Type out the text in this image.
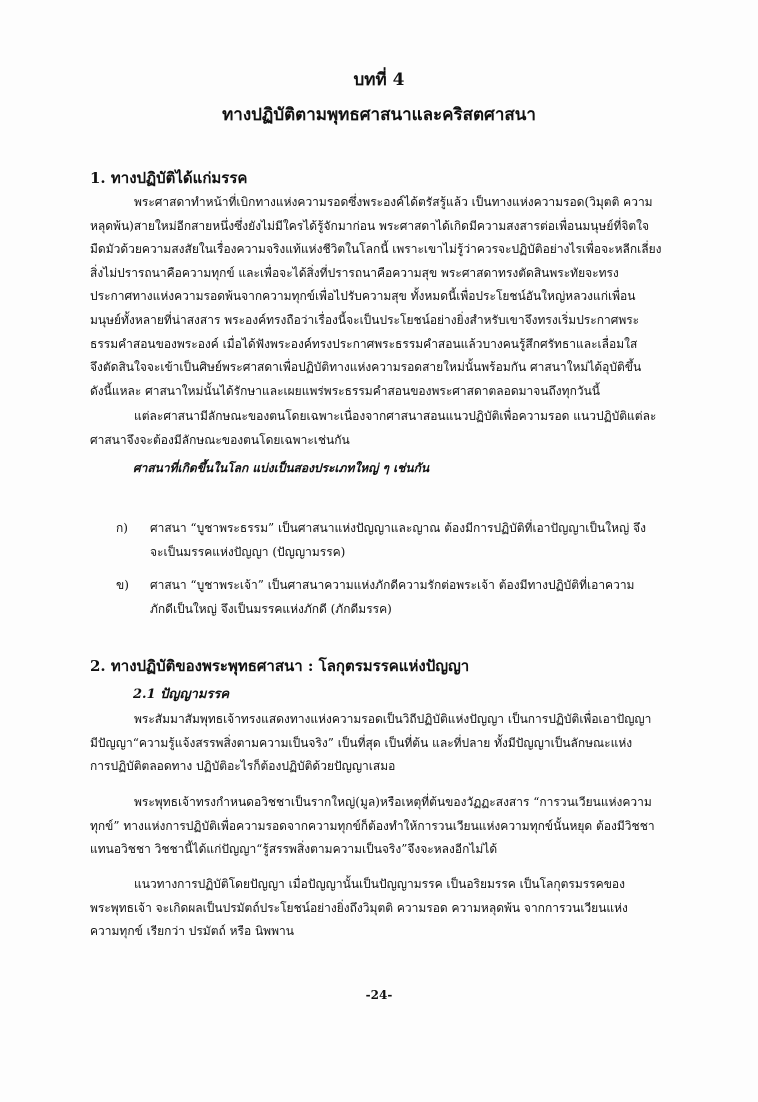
บทที่ 4
ทางปฏิบัติตามพุทธศาสนาและคริสตศาสนา
1. ทางปฏิบัติได้แก่มรรค
พระศาสดาทำหน้าที่เบิกทางแห่งความรอดซึ่งพระองค์ได้ตรัสรู้แล้ว เป็นทางแห่งความรอด(วิมุตติ ความ
หลุดพ้น)สายใหม่อีกสายหนึ่งซึ่งยังไม่มีใครได้รู้จักมาก่อน พระศาสดาได้เกิดมีความสงสารต่อเพื่อนมนุษย์ที่จิตใจ
มืดมัวด้วยความสงสัยในเรื่องความจริงแท้แห่งชีวิตในโลกนี้ เพราะเขาไม่รู้ว่าควรจะปฏิบัติอย่างไรเพื่อจะหลีกเลี่ยง
สิ่งไม่ปรารถนาคือความทุกข์ และเพื่อจะได้สิ่งที่ปรารถนาคือความสุข พระศาสดาทรงตัดสินพระทัยจะทรง
ประกาศทางแห่งความรอดพ้นจากความทุกข์เพื่อไปรับความสุข ทั้งหมดนี้เพื่อประโยชน์อันใหญ่หลวงแก่เพื่อน
มนุษย์ทั้งหลายที่น่าสงสาร พระองค์ทรงถือว่าเรื่องนี้จะเป็นประโยชน์อย่างยิ่งสำหรับเขาจึงทรงเริ่มประกาศพระ
ธรรมคำสอนของพระองค์ เมื่อได้ฟังพระองค์ทรงประกาศพระธรรมคำสอนแล้วบางคนรู้สึกศรัทธาและเลื่อมใส
จึงตัดสินใจจะเข้าเป็นศิษย์พระศาสดาเพื่อปฏิบัติทางแห่งความรอดสายใหม่นั้นพร้อมกัน ศาสนาใหม่ได้อุบัติขึ้น
ดังนี้แหละ ศาสนาใหม่นั้นได้รักษาและเผยแพร่พระธรรมคำสอนของพระศาสดาตลอดมาจนถึงทุกวันนี้
แต่ละศาสนามีลักษณะของตนโดยเฉพาะเนื่องจากศาสนาสอนแนวปฏิบัติเพื่อความรอด แนวปฏิบัติแต่ละ
ศาสนาจึงจะต้องมีลักษณะของตนโดยเฉพาะเช่นกัน
ศาสนาที่เกิดขึ้นในโลก แบ่งเป็นสองประเภทใหญ่ ๆ เช่นกัน
ก) ศาสนา “บูชาพระธรรม” เป็นศาสนาแห่งปัญญาและญาณ ต้องมีการปฏิบัติที่เอาปัญญาเป็นใหญ่ จึง
จะเป็นมรรคแห่งปัญญา (ปัญญามรรค)
ข) ศาสนา “บูชาพระเจ้า” เป็นศาสนาความแห่งภักดีความรักต่อพระเจ้า ต้องมีทางปฏิบัติที่เอาความ
ภักดีเป็นใหญ่ จึงเป็นมรรคแห่งภักดี (ภักดีมรรค)
2. ทางปฏิบัติของพระพุทธศาสนา : โลกุตรมรรคแห่งปัญญา
2.1 ปัญญามรรค
พระสัมมาสัมพุทธเจ้าทรงแสดงทางแห่งความรอดเป็นวิถีปฏิบัติแห่งปัญญา เป็นการปฏิบัติเพื่อเอาปัญญา
มีปัญญา“ความรู้แจ้งสรรพสิ่งตามความเป็นจริง” เป็นที่สุด เป็นที่ต้น และที่ปลาย ทั้งมีปัญญาเป็นลักษณะแห่ง
การปฏิบัติตลอดทาง ปฏิบัติอะไรก็ต้องปฏิบัติด้วยปัญญาเสมอ
พระพุทธเจ้าทรงกำหนดอวิชชาเป็นรากใหญ่(มูล)หรือเหตุที่ต้นของวัฏฏะสงสาร “การวนเวียนแห่งความ
ทุกข์” ทางแห่งการปฏิบัติเพื่อความรอดจากความทุกข์ก็ต้องทำให้การวนเวียนแห่งความทุกข์นั้นหยุด ต้องมีวิชชา
แทนอวิชชา วิชชานี้ได้แก่ปัญญา“รู้สรรพสิ่งตามความเป็นจริง”จึงจะหลงอีกไม่ได้
แนวทางการปฏิบัติโดยปัญญา เมื่อปัญญานั้นเป็นปัญญามรรค เป็นอริยมรรค เป็นโลกุตรมรรคของ
พระพุทธเจ้า จะเกิดผลเป็นปรมัตถ์ประโยชน์อย่างยิ่งถึงวิมุตติ ความรอด ความหลุดพ้น จากการวนเวียนแห่ง
ความทุกข์ เรียกว่า ปรมัตถ์ หรือ นิพพาน
-24-
